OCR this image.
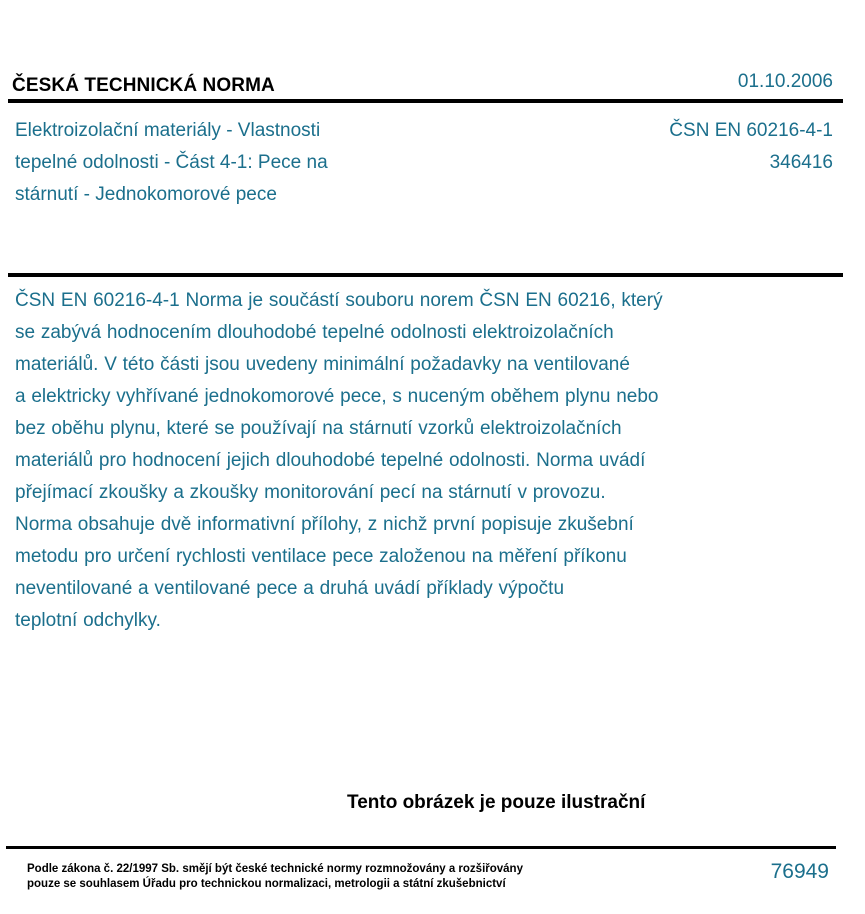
ČESKÁ TECHNICKÁ NORMA	01.10.2006
Elektroizolační materiály - Vlastnosti
tepelné odolnosti - Část 4-1: Pece na
stárnutí - Jednokomorové pece
ČSN EN 60216-4-1
346416
ČSN EN 60216-4-1 Norma je součástí souboru norem ČSN EN 60216, který
se zabývá hodnocením dlouhodobé tepelné odolnosti elektroizolačních
materiálů. V této části jsou uvedeny minimální požadavky na ventilované
a elektricky vyhřívané jednokomorové pece, s nuceným oběhem plynu nebo
bez oběhu plynu, které se používají na stárnutí vzorků elektroizolačních
materiálů pro hodnocení jejich dlouhodobé tepelné odolnosti. Norma uvádí
přejímací zkoušky a zkoušky monitorování pecí na stárnutí v provozu.
Norma obsahuje dvě informativní přílohy, z nichž první popisuje zkušební
metodu pro určení rychlosti ventilace pece založenou na měření příkonu
neventilované a ventilované pece a druhá uvádí příklady výpočtu
teplotní odchylky.
Tento obrázek je pouze ilustrační
Podle zákona č. 22/1997 Sb. smějí být české technické normy rozmnožovány a rozšiřovány
pouze se souhlasem Úřadu pro technickou normalizaci, metrologii a státní zkušebnictví
76949
